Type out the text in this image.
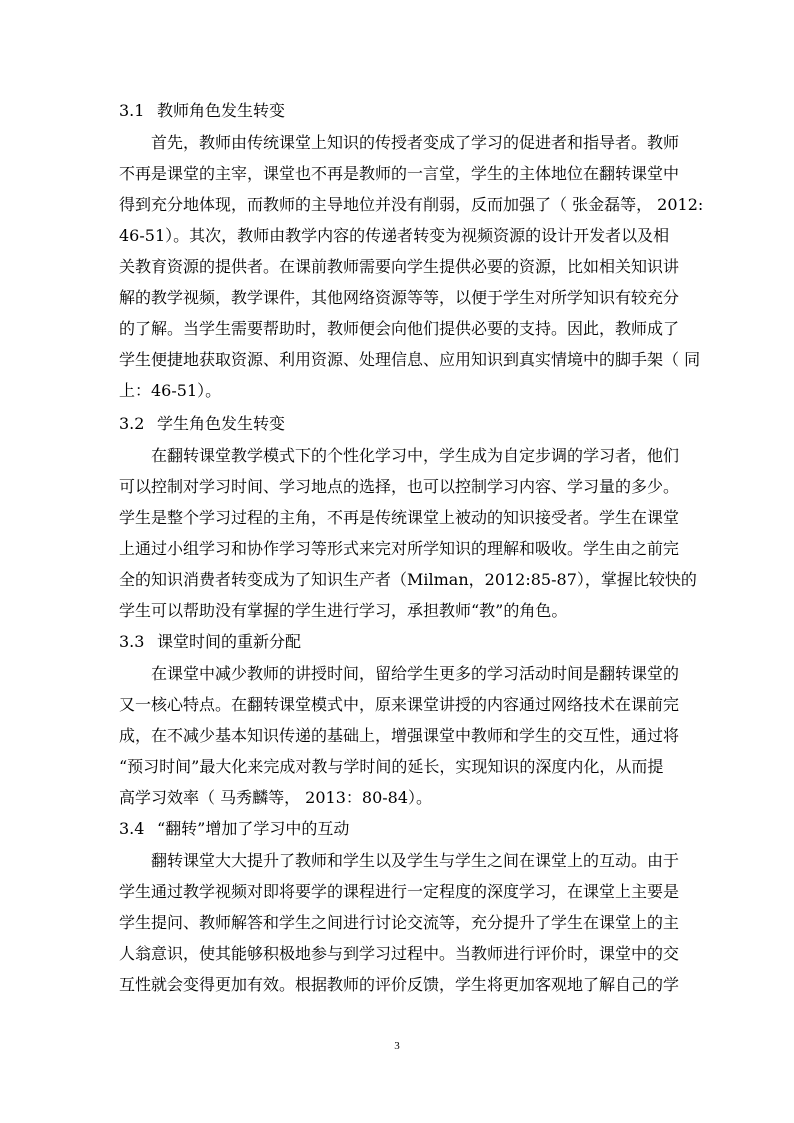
3.1 教师角色发生转变
首先，教师由传统课堂上知识的传授者变成了学习的促进者和指导者。教师
不再是课堂的主宰，课堂也不再是教师的一言堂，学生的主体地位在翻转课堂中
得到充分地体现，而教师的主导地位并没有削弱，反而加强了（ 张金磊等， 2012:
46-51）。其次，教师由教学内容的传递者转变为视频资源的设计开发者以及相
关教育资源的提供者。在课前教师需要向学生提供必要的资源，比如相关知识讲
解的教学视频，教学课件，其他网络资源等等，以便于学生对所学知识有较充分
的了解。当学生需要帮助时，教师便会向他们提供必要的支持。因此，教师成了
学生便捷地获取资源、利用资源、处理信息、应用知识到真实情境中的脚手架（ 同
上：46-51）。
3.2 学生角色发生转变
在翻转课堂教学模式下的个性化学习中，学生成为自定步调的学习者，他们
可以控制对学习时间、学习地点的选择，也可以控制学习内容、学习量的多少。
学生是整个学习过程的主角，不再是传统课堂上被动的知识接受者。学生在课堂
上通过小组学习和协作学习等形式来完对所学知识的理解和吸收。学生由之前完
全的知识消费者转变成为了知识生产者（Milman，2012:85-87），掌握比较快的
学生可以帮助没有掌握的学生进行学习，承担教师“教”的角色。
3.3 课堂时间的重新分配
在课堂中减少教师的讲授时间，留给学生更多的学习活动时间是翻转课堂的
又一核心特点。在翻转课堂模式中，原来课堂讲授的内容通过网络技术在课前完
成，在不减少基本知识传递的基础上，增强课堂中教师和学生的交互性，通过将
“预习时间”最大化来完成对教与学时间的延长，实现知识的深度内化，从而提
高学习效率（ 马秀麟等， 2013：80-84）。
3.4 “翻转”增加了学习中的互动
翻转课堂大大提升了教师和学生以及学生与学生之间在课堂上的互动。由于
学生通过教学视频对即将要学的课程进行一定程度的深度学习，在课堂上主要是
学生提问、教师解答和学生之间进行讨论交流等，充分提升了学生在课堂上的主
人翁意识，使其能够积极地参与到学习过程中。当教师进行评价时，课堂中的交
互性就会变得更加有效。根据教师的评价反馈，学生将更加客观地了解自己的学
3
